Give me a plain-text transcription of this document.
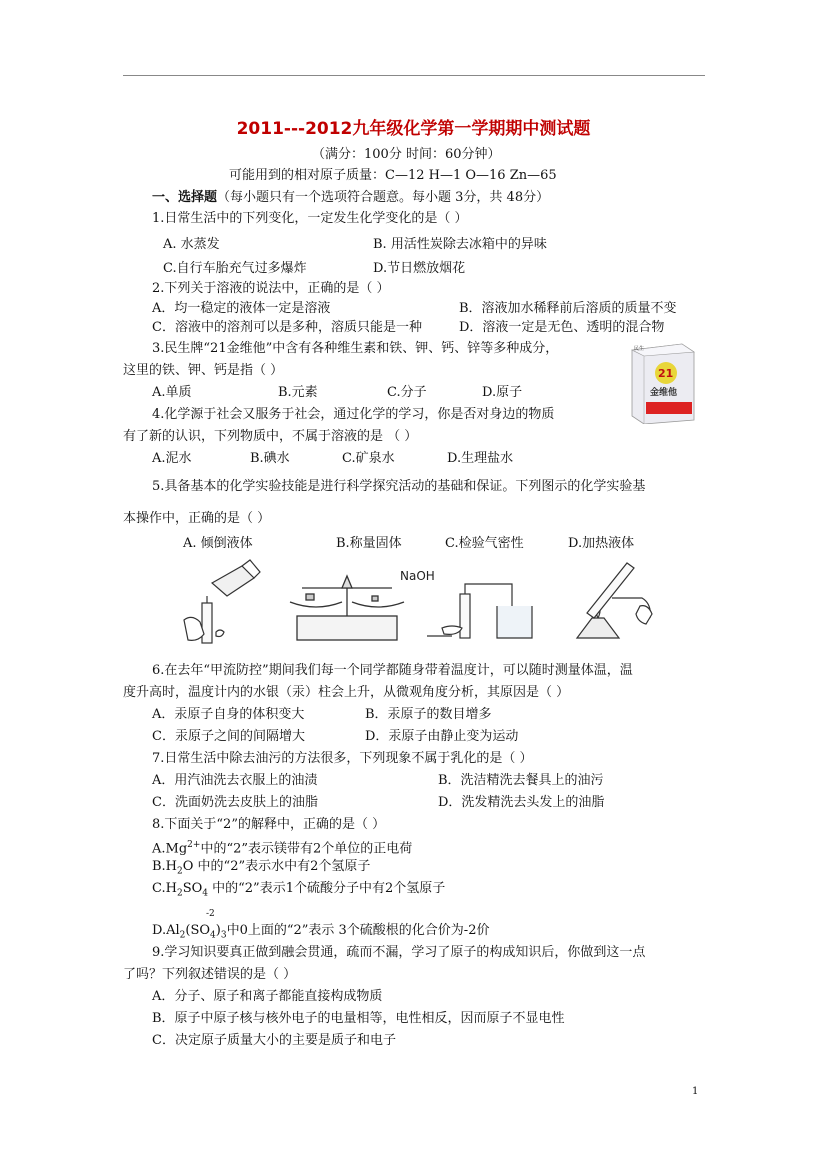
2011---2012九年级化学第一学期期中测试题
（满分：100分 时间：60分钟）
可能用到的相对原子质量：C—12 H—1 O—16 Zn—65
一、选择题（每小题只有一个选项符合题意。每小题 3分，共 48分）
1.日常生活中的下列变化，一定发生化学变化的是（ ）
A. 水蒸发	B. 用活性炭除去冰箱中的异味
C.自行车胎充气过多爆炸	D.节日燃放烟花
2.下列关于溶液的说法中，正确的是（ ）
A．均一稳定的液体一定是溶液	B．溶液加水稀释前后溶质的质量不变
C．溶液中的溶剂可以是多种，溶质只能是一种	D．溶液一定是无色、透明的混合物
3.民生牌“21金维他”中含有各种维生素和铁、钾、钙、锌等多种成分，
这里的铁、钾、钙是指（ ）
A.单质	B.元素	C.分子	D.原子
民生
21
金维他
4.化学源于社会又服务于社会，通过化学的学习，你是否对身边的物质
有了新的认识，下列物质中，不属于溶液的是 （ ）
A.泥水	B.碘水	C.矿泉水	D.生理盐水
5.具备基本的化学实验技能是进行科学探究活动的基础和保证。下列图示的化学实验基
本操作中，正确的是（ ）
A. 倾倒液体	B.称量固体	C.检验气密性	D.加热液体
NaOH
6.在去年“甲流防控”期间我们每一个同学都随身带着温度计，可以随时测量体温，温
度升高时，温度计内的水银（汞）柱会上升，从微观角度分析，其原因是（ ）
A．汞原子自身的体积变大	B．汞原子的数目增多
C．汞原子之间的间隔增大	D．汞原子由静止变为运动
7.日常生活中除去油污的方法很多，下列现象不属于乳化的是（ ）
A．用汽油洗去衣服上的油渍	B．洗洁精洗去餐具上的油污
C．洗面奶洗去皮肤上的油脂	D．洗发精洗去头发上的油脂
8.下面关于“2”的解释中，正确的是（ ）
$A.Mg^{2+}$中的“2”表示镁带有2个单位的正电荷
$B.H_2O$ 中的“2”表示水中有2个氢原子
$C.H_2SO_4$ 中的“2”表示1个硫酸分子中有2个氢原子
-2
$D.Al_2(SO_4)_3$中0上面的“2”表示 3个硫酸根的化合价为-2价
9.学习知识要真正做到融会贯通，疏而不漏，学习了原子的构成知识后，你做到这一点
了吗？下列叙述错误的是（ ）
A．分子、原子和离子都能直接构成物质
B．原子中原子核与核外电子的电量相等，电性相反，因而原子不显电性
C．决定原子质量大小的主要是质子和电子
1
